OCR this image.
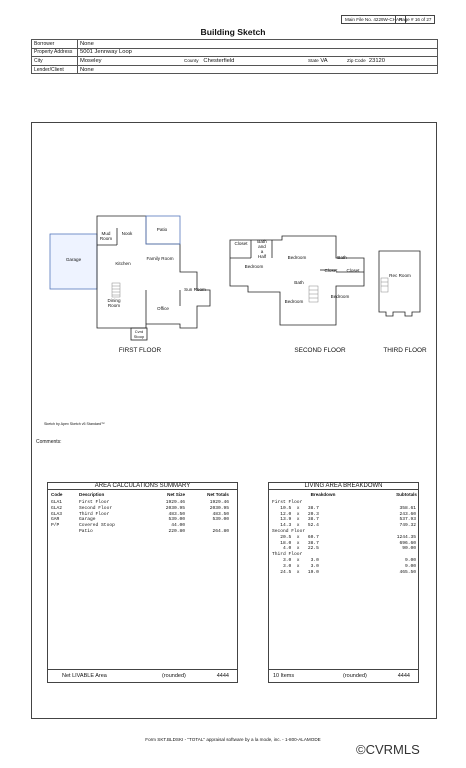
Main File No. 4229W-CHAN
Page # 16 of 27
Building Sketch
Borrower	None			
Property Address	5001 Jennway Loop			
City	Moseley	County Chesterfield	State VA	Zip Code 23120
Lender/Client	None			
Mud
Room
Nook
Patio
Garage
Kitchen
Family Room
Sun Room
Dining
Room
Office
Cvrd
Stoop
Closet	Bath
and
a
Half
Bedroom
Bedroom	Bath
Closet	Closet
Bath
Bedroom
Bedroom
Rec Room
FIRST FLOOR	SECOND FLOOR	THIRD FLOOR
Sketch by Apex Sketch v5 Standard™
Comments:
AREA CALCULATIONS SUMMARY
Code	Description	Net Size	Net Totals
GLA1	First Floor	1929.46	1929.46
GLA2	Second Floor	2030.95	2030.95
GLA3	Third Floor	483.50	483.50
GAR	Garage	539.00	539.00
P/P	Covered Stoop	44.00
Patio	220.80	264.80
Net LIVABLE Area	(rounded)	4444
LIVING AREA BREAKDOWN
Breakdown	Subtotals
First Floor
10.5  x   38.7	358.61
12.0  x   20.3	243.60
13.9  x   38.7	537.93
14.3  x   52.4	749.32
Second Floor
20.5  x   60.7	1244.35
18.0  x   38.7	696.60
4.0  x   22.5	90.00
Third Floor
3.0  x    3.0	9.00
3.0  x    3.0	9.00
24.5  x   19.0	465.50
10 Items	(rounded)	4444
Form SKT.BLDSKI - "TOTAL" appraisal software by a la mode, inc. - 1-800-ALAMODE
©CVRMLS
